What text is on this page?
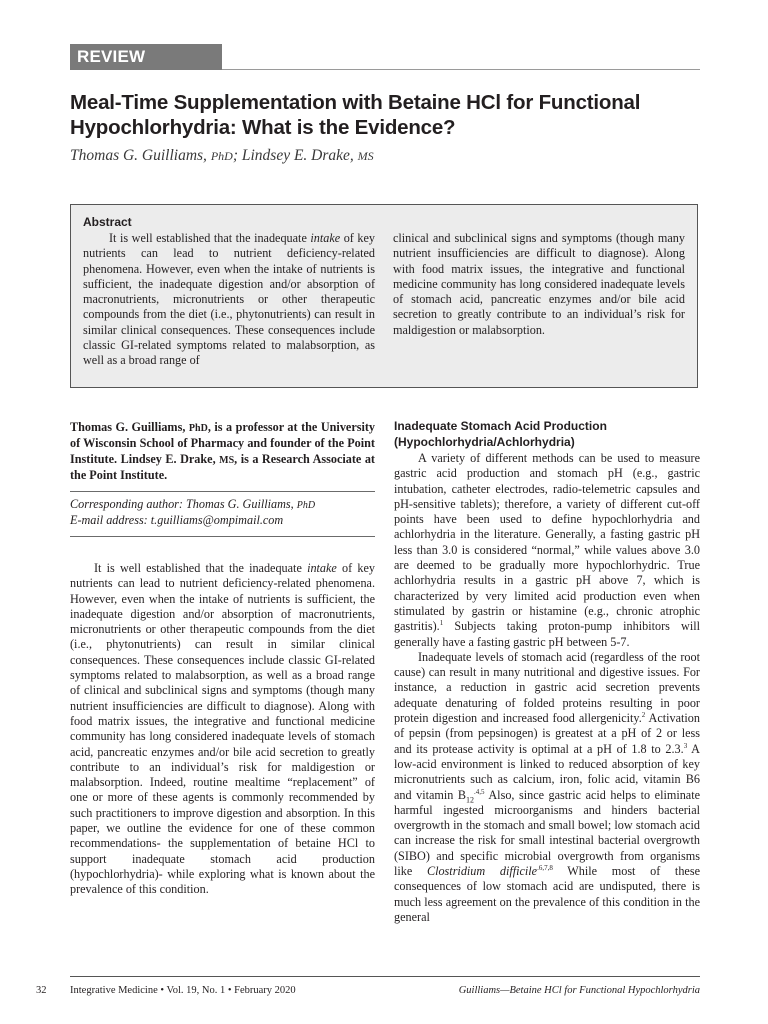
REVIEW ARTICLE
Meal-Time Supplementation with Betaine HCl for Functional Hypochlorhydria: What is the Evidence?
Thomas G. Guilliams, PhD; Lindsey E. Drake, MS
Abstract

It is well established that the inadequate intake of key nutrients can lead to nutrient deficiency-related phenomena. However, even when the intake of nutrients is sufficient, the inadequate digestion and/or absorption of macronutrients, micronutrients or other therapeutic compounds from the diet (i.e., phytonutrients) can result in similar clinical consequences. These consequences include classic GI-related symptoms related to malabsorption, as well as a broad range of

clinical and subclinical signs and symptoms (though many nutrient insufficiencies are difficult to diagnose). Along with food matrix issues, the integrative and functional medicine community has long considered inadequate levels of stomach acid, pancreatic enzymes and/or bile acid secretion to greatly contribute to an individual’s risk for maldigestion or malabsorption.

Thomas G. Guilliams, PhD, is a professor at the University of Wisconsin School of Pharmacy and founder of the Point Institute. Lindsey E. Drake, MS, is a Research Associate at the Point Institute.

Corresponding author: Thomas G. Guilliams, PhD
E-mail address: t.guilliams@ompimail.com

It is well established that the inadequate intake of key nutrients can lead to nutrient deficiency-related phenomena. However, even when the intake of nutrients is sufficient, the inadequate digestion and/or absorption of macronutrients, micronutrients or other therapeutic compounds from the diet (i.e., phytonutrients) can result in similar clinical consequences. These consequences include classic GI-related symptoms related to malabsorption, as well as a broad range of clinical and subclinical signs and symptoms (though many nutrient insufficiencies are difficult to diagnose). Along with food matrix issues, the integrative and functional medicine community has long considered inadequate levels of stomach acid, pancreatic enzymes and/or bile acid secretion to greatly contribute to an individual’s risk for maldigestion or malabsorption. Indeed, routine mealtime “replacement” of one or more of these agents is commonly recommended by such practitioners to improve digestion and absorption. In this paper, we outline the evidence for one of these common recommendations- the supplementation of betaine HCl to support inadequate stomach acid production (hypochlorhydria)- while exploring what is known about the prevalence of this condition.

Inadequate Stomach Acid Production
(Hypochlorhydria/Achlorhydria)

A variety of different methods can be used to measure gastric acid production and stomach pH (e.g., gastric intubation, catheter electrodes, radio-telemetric capsules and pH-sensitive tablets); therefore, a variety of different cut-off points have been used to define hypochlorhydria and achlorhydria in the literature. Generally, a fasting gastric pH less than 3.0 is considered “normal,” while values above 3.0 are deemed to be gradually more hypochlorhydric. True achlorhydria results in a gastric pH above 7, which is characterized by very limited acid production even when stimulated by gastrin or histamine (e.g., chronic atrophic gastritis).$^1$ Subjects taking proton-pump inhibitors will generally have a fasting gastric pH between 5-7.

Inadequate levels of stomach acid (regardless of the root cause) can result in many nutritional and digestive issues. For instance, a reduction in gastric acid secretion prevents adequate denaturing of folded proteins resulting in poor protein digestion and increased food allergenicity.$^2$ Activation of pepsin (from pepsinogen) is greatest at a pH of 2 or less and its protease activity is optimal at a pH of 1.8 to 2.3.$^3$ A low-acid environment is linked to reduced absorption of key micronutrients such as calcium, iron, folic acid, vitamin B6 and vitamin $B_{12}^{.4,5}$ Also, since gastric acid helps to eliminate harmful ingested microorganisms and hinders bacterial overgrowth in the stomach and small bowel; low stomach acid can increase the risk for small intestinal bacterial overgrowth (SIBO) and specific microbial overgrowth from organisms like Clostridium difficile$^{.6,7,8}$ While most of these consequences of low stomach acid are undisputed, there is much less agreement on the prevalence of this condition in the general

32 Integrative Medicine • Vol. 19, No. 1 • February 2020	Guilliams—Betaine HCl for Functional Hypochlorhydria
